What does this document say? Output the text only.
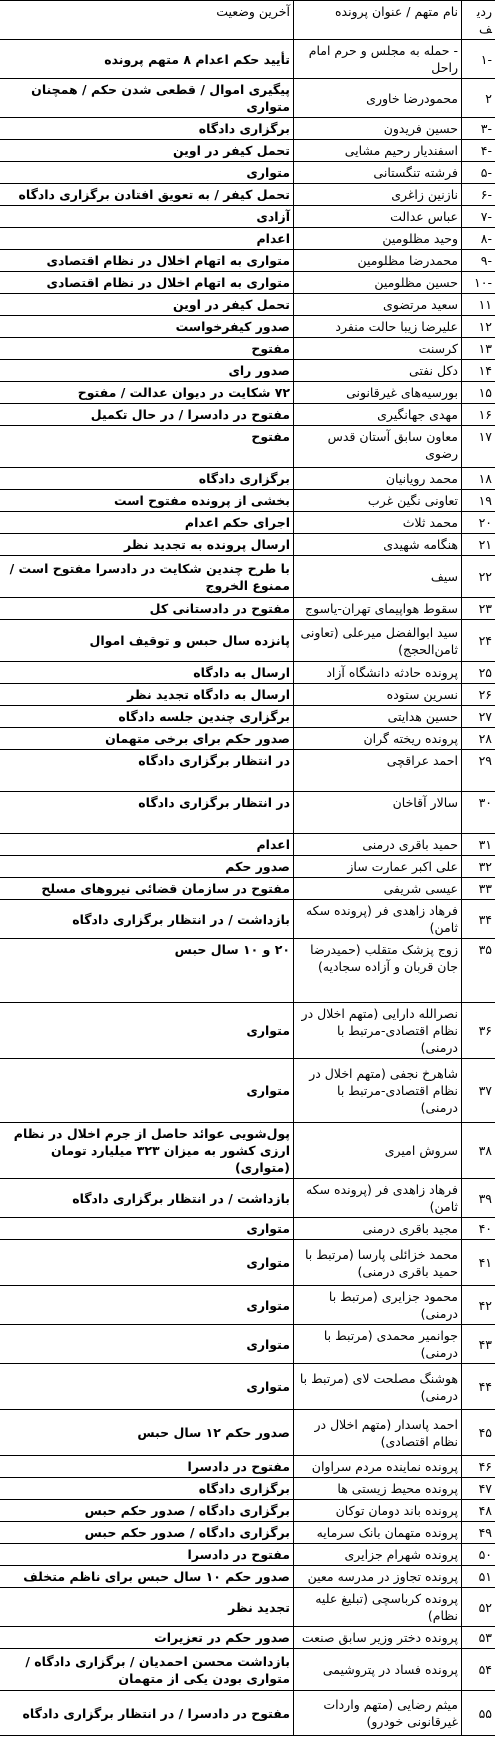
ردیف	نام متهم / عنوان پرونده	آخرین وضعیت
-۱	- حمله به مجلس و حرم امام راحل	تأیید حکم اعدام ۸ متهم پرونده
۲	محمودرضا خاوری	پیگیری اموال / قطعی شدن حکم / همچنان متواری
-۳	حسین فریدون	برگزاری دادگاه
-۴	اسفندیار رحیم مشایی	تحمل کیفر در اوین
-۵	فرشته تنگستانی	متواری
-۶	نازنین زاغری	تحمل کیفر / به تعویق افتادن برگزاری دادگاه
-۷	عباس عدالت	آزادی
-۸	وحید مظلومین	اعدام
-۹	محمدرضا مظلومین	متواری به اتهام اخلال در نظام اقتصادی
-۱۰	حسین مظلومین	متواری به اتهام اخلال در نظام اقتصادی
۱۱	سعید مرتضوی	تحمل کیفر در اوین
۱۲	علیرضا زیبا حالت منفرد	صدور کیفرخواست
۱۳	کرسنت	مفتوح
۱۴	دکل نفتی	صدور رای
۱۵	بورسیه‌های غیرقانونی	۷۲ شکایت در دیوان عدالت / مفتوح
۱۶	مهدی جهانگیری	مفتوح در دادسرا / در حال تکمیل
۱۷	معاون سابق آستان قدس رضوی	مفتوح
۱۸	محمد رویانیان	برگزاری دادگاه
۱۹	تعاونی نگین غرب	بخشی از پرونده مفتوح است
۲۰	محمد ثلاث	اجرای حکم اعدام
۲۱	هنگامه شهیدی	ارسال پرونده به تجدید نظر
۲۲	سیف	با طرح چندین شکایت در دادسرا مفتوح است / ممنوع الخروج
۲۳	سقوط هواپیمای تهران-یاسوج	مفتوح در دادستانی کل
۲۴	سید ابوالفضل میرعلی (تعاونی ثامن‌الحجج)	پانزده سال حبس و توقیف اموال
۲۵	پرونده حادثه دانشگاه آزاد	ارسال به دادگاه
۲۶	نسرین ستوده	ارسال به دادگاه تجدید نظر
۲۷	حسین هدایتی	برگزاری چندین جلسه دادگاه
۲۸	پرونده ریخته گران	صدور حکم برای برخی متهمان
۲۹	احمد عراقچی	در انتظار برگزاری دادگاه
۳۰	سالار آقاخان	در انتظار برگزاری دادگاه
۳۱	حمید باقری درمنی	اعدام
۳۲	علی اکبر عمارت ساز	صدور حکم
۳۳	عیسی شریفی	مفتوح در سازمان قضائی نیروهای مسلح
۳۴	فرهاد زاهدی فر (پرونده سکه ثامن)	بازداشت / در انتظار برگزاری دادگاه
۳۵	زوج پزشک متقلب (حمیدرضا جان قربان و آزاده سجادیه)	۲۰ و ۱۰ سال حبس
۳۶	نصرالله دارایی (متهم اخلال در نظام اقتصادی-مرتبط با درمنی)	متواری
۳۷	شاهرخ نجفی (متهم اخلال در نظام اقتصادی-مرتبط با درمنی)	متواری
۳۸	سروش امیری	پول‌شویی عوائد حاصل از جرم اخلال در نظام ارزی کشور به میزان ۳۲۳ میلیارد تومان (متواری)
۳۹	فرهاد زاهدی فر (پرونده سکه ثامن)	بازداشت / در انتظار برگزاری دادگاه
۴۰	مجید باقری درمنی	متواری
۴۱	محمد خزائلی پارسا (مرتبط با حمید باقری درمنی)	متواری
۴۲	محمود جزایری (مرتبط با درمنی)	متواری
۴۳	جوانمیر محمدی (مرتبط با درمنی)	متواری
۴۴	هوشنگ مصلحت لای (مرتبط با درمنی)	متواری
۴۵	احمد پاسدار (متهم اخلال در نظام اقتصادی)	صدور حکم ۱۲ سال حبس
۴۶	پرونده نماینده مردم سراوان	مفتوح در دادسرا
۴۷	پرونده محیط زیستی ها	برگزاری دادگاه
۴۸	پرونده باند دومان توکان	برگزاری دادگاه / صدور حکم حبس
۴۹	پرونده متهمان بانک سرمایه	برگزاری دادگاه / صدور حکم حبس
۵۰	پرونده شهرام جزایری	مفتوح در دادسرا
۵۱	پرونده تجاوز در مدرسه معین	صدور حکم ۱۰ سال حبس برای ناظم متخلف
۵۲	پرونده کرباسچی (تبلیغ علیه نظام)	تجدید نظر
۵۳	پرونده دختر وزیر سابق صنعت	صدور حکم در تعزیرات
۵۴	پرونده فساد در پتروشیمی	بازداشت محسن احمدیان / برگزاری دادگاه / متواری بودن یکی از متهمان
۵۵	میثم رضایی (متهم واردات غیرقانونی خودرو)	مفتوح در دادسرا / در انتظار برگزاری دادگاه
